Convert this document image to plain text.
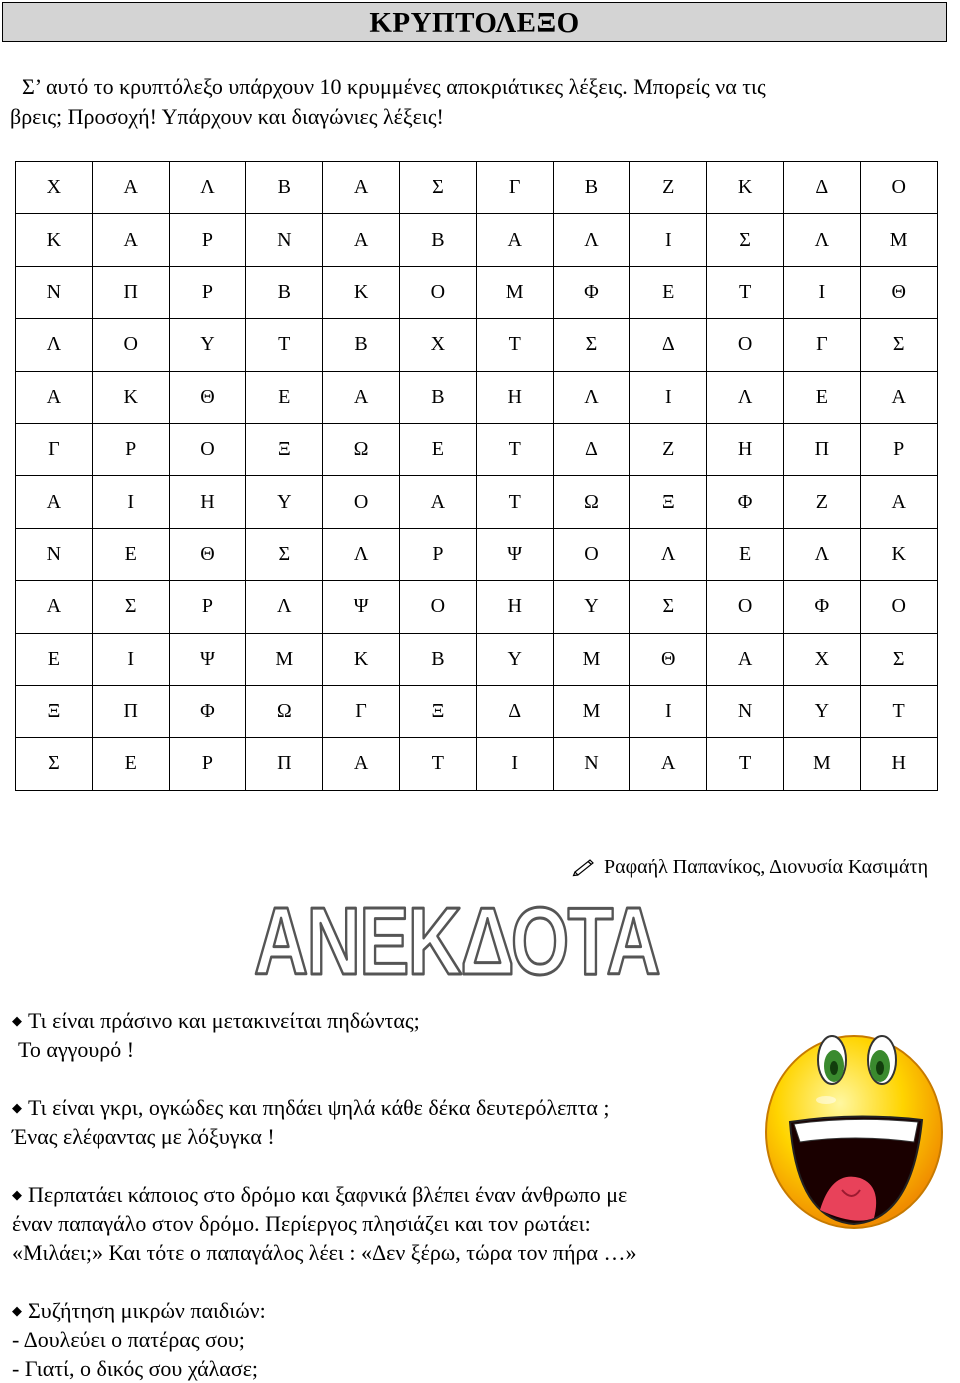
ΚΡΥΠΤΟΛΕΞΟ
Σ’ αυτό το κρυπτόλεξο υπάρχουν 10 κρυμμένες αποκριάτικες λέξεις. Μπορείς να τις
βρεις; Προσοχή! Υπάρχουν και διαγώνιες λέξεις!
Χ	Α	Λ	Β	Α	Σ	Γ	Β	Ζ	Κ	Δ	Ο
Κ	Α	Ρ	Ν	Α	Β	Α	Λ	Ι	Σ	Λ	Μ
Ν	Π	Ρ	Β	Κ	Ο	Μ	Φ	Ε	Τ	Ι	Θ
Λ	Ο	Υ	Τ	Β	Χ	Τ	Σ	Δ	Ο	Γ	Σ
Α	Κ	Θ	Ε	Α	Β	Η	Λ	Ι	Λ	Ε	Α
Γ	Ρ	Ο	Ξ	Ω	Ε	Τ	Δ	Ζ	Η	Π	Ρ
Α	Ι	Η	Υ	Ο	Α	Τ	Ω	Ξ	Φ	Ζ	Α
Ν	Ε	Θ	Σ	Λ	Ρ	Ψ	Ο	Λ	Ε	Λ	Κ
Α	Σ	Ρ	Λ	Ψ	Ο	Η	Υ	Σ	Ο	Φ	Ο
Ε	Ι	Ψ	Μ	Κ	Β	Υ	Μ	Θ	Α	Χ	Σ
Ξ	Π	Φ	Ω	Γ	Ξ	Δ	Μ	Ι	Ν	Υ	Τ
Σ	Ε	Ρ	Π	Α	Τ	Ι	Ν	Α	Τ	Μ	Η
Ραφαήλ Παπανίκος, Διονυσία Κασιμάτη
ΑΝΕΚΔΟΤΑ
◆ Τι είναι πράσινο και μετακινείται πηδώντας;
Το αγγουρό !
◆ Τι είναι γκρι, ογκώδες και πηδάει ψηλά κάθε δέκα δευτερόλεπτα ;
Ένας ελέφαντας με λόξυγκα !
◆ Περπατάει κάποιος στο δρόμο και ξαφνικά βλέπει έναν άνθρωπο με
έναν παπαγάλο στον δρόμο. Περίεργος πλησιάζει και τον ρωτάει:
«Μιλάει;» Και τότε ο παπαγάλος λέει : «Δεν ξέρω, τώρα τον πήρα …»
◆ Συζήτηση μικρών παιδιών:
- Δουλεύει ο πατέρας σου;
- Γιατί, ο δικός σου χάλασε;
